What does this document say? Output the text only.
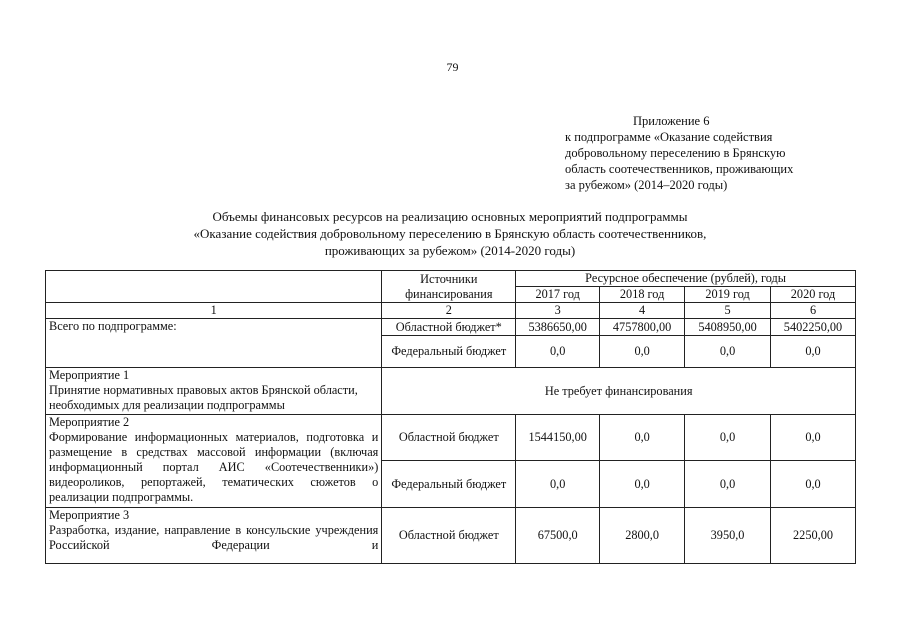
79
Приложение 6
к подпрограмме «Оказание содействия
добровольному переселению в Брянскую
область соотечественников, проживающих
за рубежом» (2014–2020 годы)
Объемы финансовых ресурсов на реализацию основных мероприятий подпрограммы
«Оказание содействия добровольному переселению в Брянскую область соотечественников,
проживающих за рубежом» (2014-2020 годы)
	Источники финансирования	Ресурсное обеспечение (рублей), годы			
		2017 год	2018 год	2019 год	2020 год
1	2	3	4	5	6
Всего по подпрограмме:	Областной бюджет*	5386650,00	4757800,00	5408950,00	5402250,00
	Федеральный бюджет	0,0	0,0	0,0	0,0

Мероприятие 1
Принятие нормативных правовых актов Брянской области, необходимых для реализации подпрограммы	Не требует финансирования				

Мероприятие 2
Формирование информационных материалов, подготовка и размещение в средствах массовой информации (включая информационный портал АИС «Соотечественники») видеороликов, репортажей, тематических сюжетов о реализации подпрограммы.	Областной бюджет	1544150,00	0,0	0,0	0,0
	Федеральный бюджет	0,0	0,0	0,0	0,0

Мероприятие 3
Разработка, издание, направление в консульские учреждения Российской Федерации и	Областной бюджет	67500,0	2800,0	3950,0	2250,00
